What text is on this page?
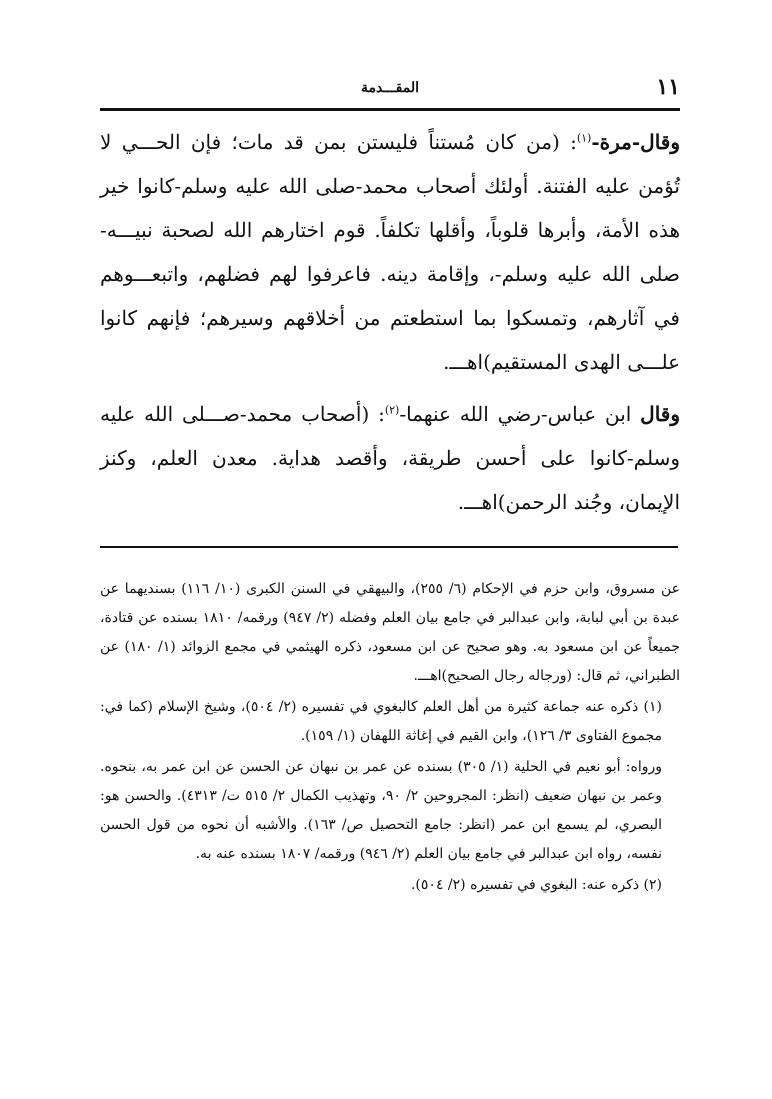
١١
المقـــدمة

وقال-مرة-$^{(١)}$: (من كان مُستناً فليستن بمن قد مات؛ فإن الحـــي لا تُؤمن عليه الفتنة. أولئك أصحاب محمد-صلى الله عليه وسلم-كانوا خير هذه الأمة، وأبرها قلوباً، وأقلها تكلفاً. قوم اختارهم الله لصحبة نبيـــه-صلى الله عليه وسلم-، وإقامة دينه. فاعرفوا لهم فضلهم، واتبعـــوهم في آثارهم، وتمسكوا بما استطعتم من أخلاقهم وسيرهم؛ فإنهم كانوا علـــى الهدى المستقيم)اهـــ.

وقال ابن عباس-رضي الله عنهما-$^{(٢)}$: (أصحاب محمد-صـــلى الله عليه وسلم-كانوا على أحسن طريقة، وأقصد هداية. معدن العلم، وكنز الإيمان، وجُند الرحمن)اهـــ.

عن مسروق، وابن حزم في الإحكام (٦/ ٢٥٥)، والبيهقي في السنن الكبرى (١٠/ ١١٦) بسنديهما عن عبدة بن أبي لبابة، وابن عبدالبر في جامع بيان العلم وفضله (٢/ ٩٤٧) ورقمه/ ١٨١٠ بسنده عن قتادة، جميعاً عن ابن مسعود به. وهو صحيح عن ابن مسعود، ذكره الهيثمي في مجمع الزوائد (١/ ١٨٠) عن الطبراني، ثم قال: (ورجاله رجال الصحيح)اهـــ.

(١) ذكره عنه جماعة كثيرة من أهل العلم كالبغوي في تفسيره (٢/ ٥٠٤)، وشيخ الإسلام (كما في: مجموع الفتاوى ٣/ ١٢٦)، وابن القيم في إغاثة اللهفان (١/ ١٥٩).

ورواه: أبو نعيم في الحلية (١/ ٣٠٥) بسنده عن عمر بن نبهان عن الحسن عن ابن عمر به، بنحوه. وعمر بن نبهان ضعيف (انظر: المجروحين ٢/ ٩٠، وتهذيب الكمال ٢/ ٥١٥ ت/ ٤٣١٣). والحسن هو: البصري، لم يسمع ابن عمر (انظر: جامع التحصيل ص/ ١٦٣). والأشبه أن نحوه من قول الحسن نفسه، رواه ابن عبدالبر في جامع بيان العلم (٢/ ٩٤٦) ورقمه/ ١٨٠٧ بسنده عنه به.

(٢) ذكره عنه: البغوي في تفسيره (٢/ ٥٠٤).
